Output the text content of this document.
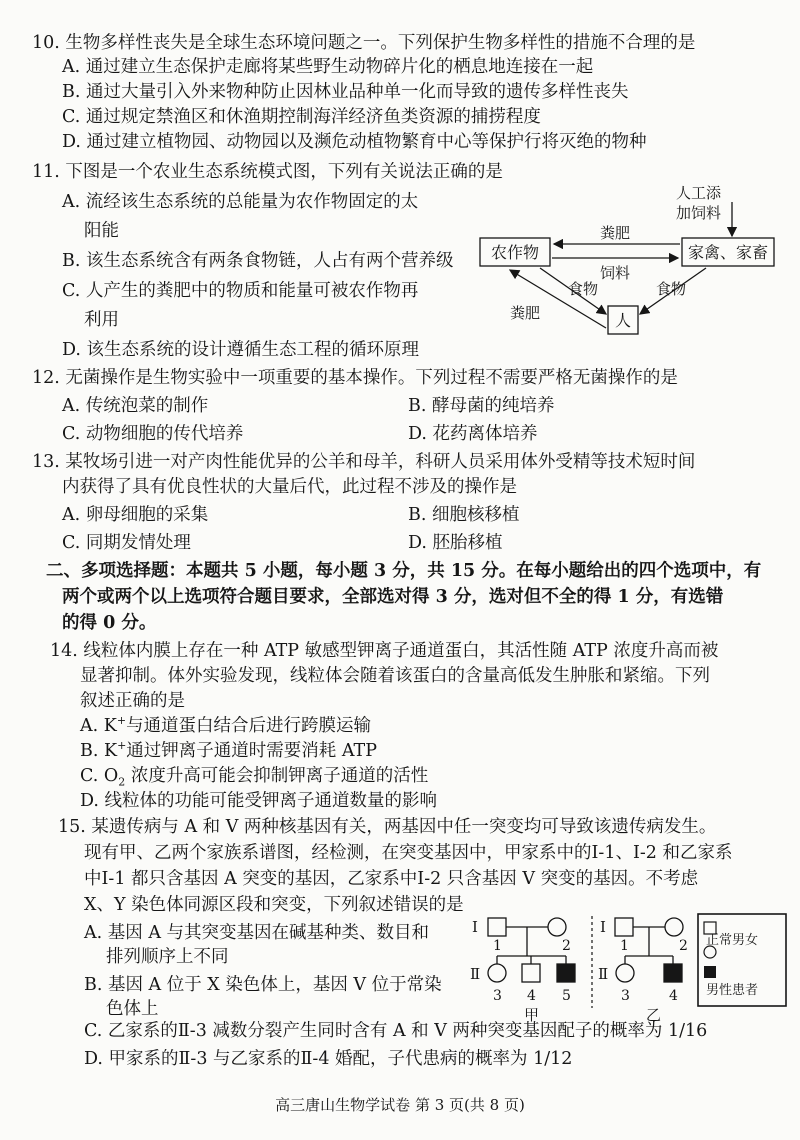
10. 生物多样性丧失是全球生态环境问题之一。下列保护生物多样性的措施不合理的是
A. 通过建立生态保护走廊将某些野生动物碎片化的栖息地连接在一起
B. 通过大量引入外来物种防止因林业品种单一化而导致的遗传多样性丧失
C. 通过规定禁渔区和休渔期控制海洋经济鱼类资源的捕捞程度
D. 通过建立植物园、动物园以及濒危动植物繁育中心等保护行将灭绝的物种
11. 下图是一个农业生态系统模式图，下列有关说法正确的是
A. 流经该生态系统的总能量为农作物固定的太
阳能
B. 该生态系统含有两条食物链，人占有两个营养级
C. 人产生的粪肥中的物质和能量可被农作物再
利用
D. 该生态系统的设计遵循生态工程的循环原理
农作物	家禽、家畜
人
人工添
加饲料
粪肥
饲料
食物	食物
粪肥
12. 无菌操作是生物实验中一项重要的基本操作。下列过程不需要严格无菌操作的是
A. 传统泡菜的制作	B. 酵母菌的纯培养
C. 动物细胞的传代培养	D. 花药离体培养
13. 某牧场引进一对产肉性能优异的公羊和母羊，科研人员采用体外受精等技术短时间
内获得了具有优良性状的大量后代，此过程不涉及的操作是
A. 卵母细胞的采集	B. 细胞核移植
C. 同期发情处理	D. 胚胎移植
二、多项选择题：本题共 5 小题，每小题 3 分，共 15 分。在每小题给出的四个选项中，有
两个或两个以上选项符合题目要求，全部选对得 3 分，选对但不全的得 1 分，有选错
的得 0 分。
14. 线粒体内膜上存在一种 ATP 敏感型钾离子通道蛋白，其活性随 ATP 浓度升高而被
显著抑制。体外实验发现，线粒体会随着该蛋白的含量高低发生肿胀和紧缩。下列
叙述正确的是
A. K+与通道蛋白结合后进行跨膜运输
B. K+通过钾离子通道时需要消耗 ATP
C. $O_2$ 浓度升高可能会抑制钾离子通道的活性
D. 线粒体的功能可能受钾离子通道数量的影响
15. 某遗传病与 A 和 V 两种核基因有关，两基因中任一突变均可导致该遗传病发生。
现有甲、乙两个家族系谱图，经检测，在突变基因中，甲家系中的Ⅰ-1、Ⅰ-2 和乙家系
中Ⅰ-1 都只含基因 A 突变的基因，乙家系中Ⅰ-2 只含基因 V 突变的基因。不考虑
X、Y 染色体同源区段和突变，下列叙述错误的是
A. 基因 A 与其突变基因在碱基种类、数目和
排列顺序上不同
B. 基因 A 位于 X 染色体上，基因 V 位于常染
色体上
C. 乙家系的Ⅱ-3 减数分裂产生同时含有 A 和 V 两种突变基因配子的概率为 1/16
D. 甲家系的Ⅱ-3 与乙家系的Ⅱ-4 婚配，子代患病的概率为 1/12
Ⅰ
1	2
Ⅱ
3 4 5
甲
Ⅰ
1	2
Ⅱ
3	4
乙
正常男女
男性患者
高三唐山生物学试卷 第 3 页(共 8 页)
